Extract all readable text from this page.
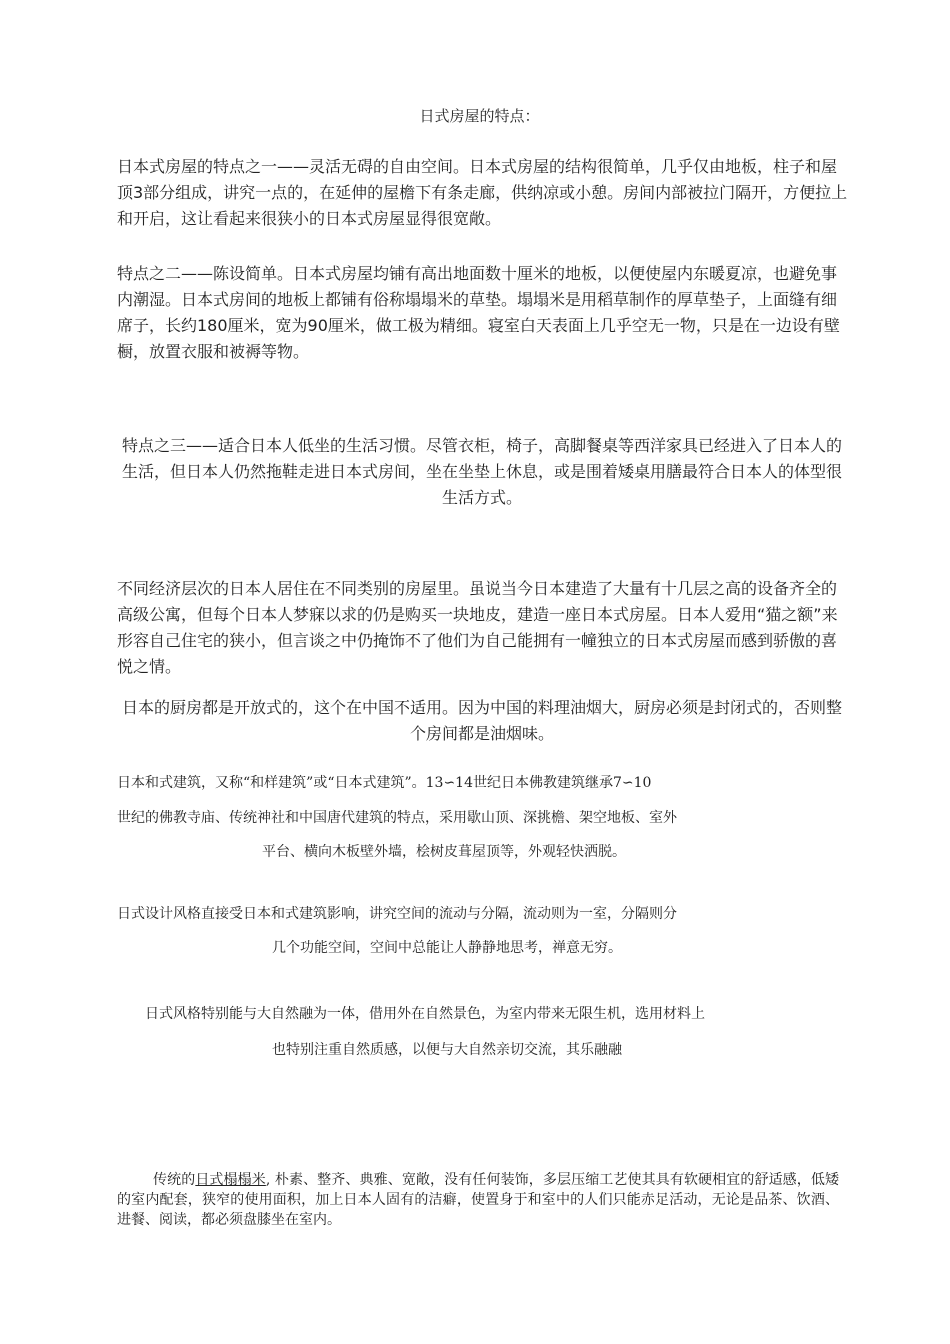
日式房屋的特点：

日本式房屋的特点之一——灵活无碍的自由空间。日本式房屋的结构很简单，几乎仅由地板，柱子和屋顶3部分组成，讲究一点的，在延伸的屋檐下有条走廊，供纳凉或小憩。房间内部被拉门隔开，方便拉上和开启，这让看起来很狭小的日本式房屋显得很宽敞。

特点之二——陈设简单。日本式房屋均铺有高出地面数十厘米的地板，以便使屋内东暖夏凉，也避免事内潮湿。日本式房间的地板上都铺有俗称塌塌米的草垫。塌塌米是用稻草制作的厚草垫子，上面缝有细席子，长约180厘米，宽为90厘米，做工极为精细。寝室白天表面上几乎空无一物，只是在一边设有壁橱，放置衣服和被褥等物。

特点之三——适合日本人低坐的生活习惯。尽管衣柜，椅子，高脚餐桌等西洋家具已经进入了日本人的生活，但日本人仍然拖鞋走进日本式房间，坐在坐垫上休息，或是围着矮桌用膳最符合日本人的体型很生活方式。

不同经济层次的日本人居住在不同类别的房屋里。虽说当今日本建造了大量有十几层之高的设备齐全的高级公寓，但每个日本人梦寐以求的仍是购买一块地皮，建造一座日本式房屋。日本人爱用“猫之额”来形容自己住宅的狭小，但言谈之中仍掩饰不了他们为自己能拥有一幢独立的日本式房屋而感到骄傲的喜悦之情。

日本的厨房都是开放式的，这个在中国不适用。因为中国的料理油烟大，厨房必须是封闭式的，否则整个房间都是油烟味。

日本和式建筑，又称“和样建筑”或“日本式建筑”。13∽14世纪日本佛教建筑继承7∽10

世纪的佛教寺庙、传统神社和中国唐代建筑的特点，采用歇山顶、深挑檐、架空地板、室外

平台、横向木板壁外墙，桧树皮葺屋顶等，外观轻快洒脱。

日式设计风格直接受日本和式建筑影响，讲究空间的流动与分隔，流动则为一室，分隔则分

几个功能空间，空间中总能让人静静地思考，禅意无穷。

日式风格特别能与大自然融为一体，借用外在自然景色，为室内带来无限生机，选用材料上

也特别注重自然质感，以便与大自然亲切交流，其乐融融

传统的日式榻榻米, 朴素、整齐、典雅、宽敞，没有任何装饰，多层压缩工艺使其具有软硬相宜的舒适感，低矮的室内配套，狭窄的使用面积，加上日本人固有的洁癖，使置身于和室中的人们只能赤足活动，无论是品茶、饮酒、进餐、阅读，都必须盘膝坐在室内。
